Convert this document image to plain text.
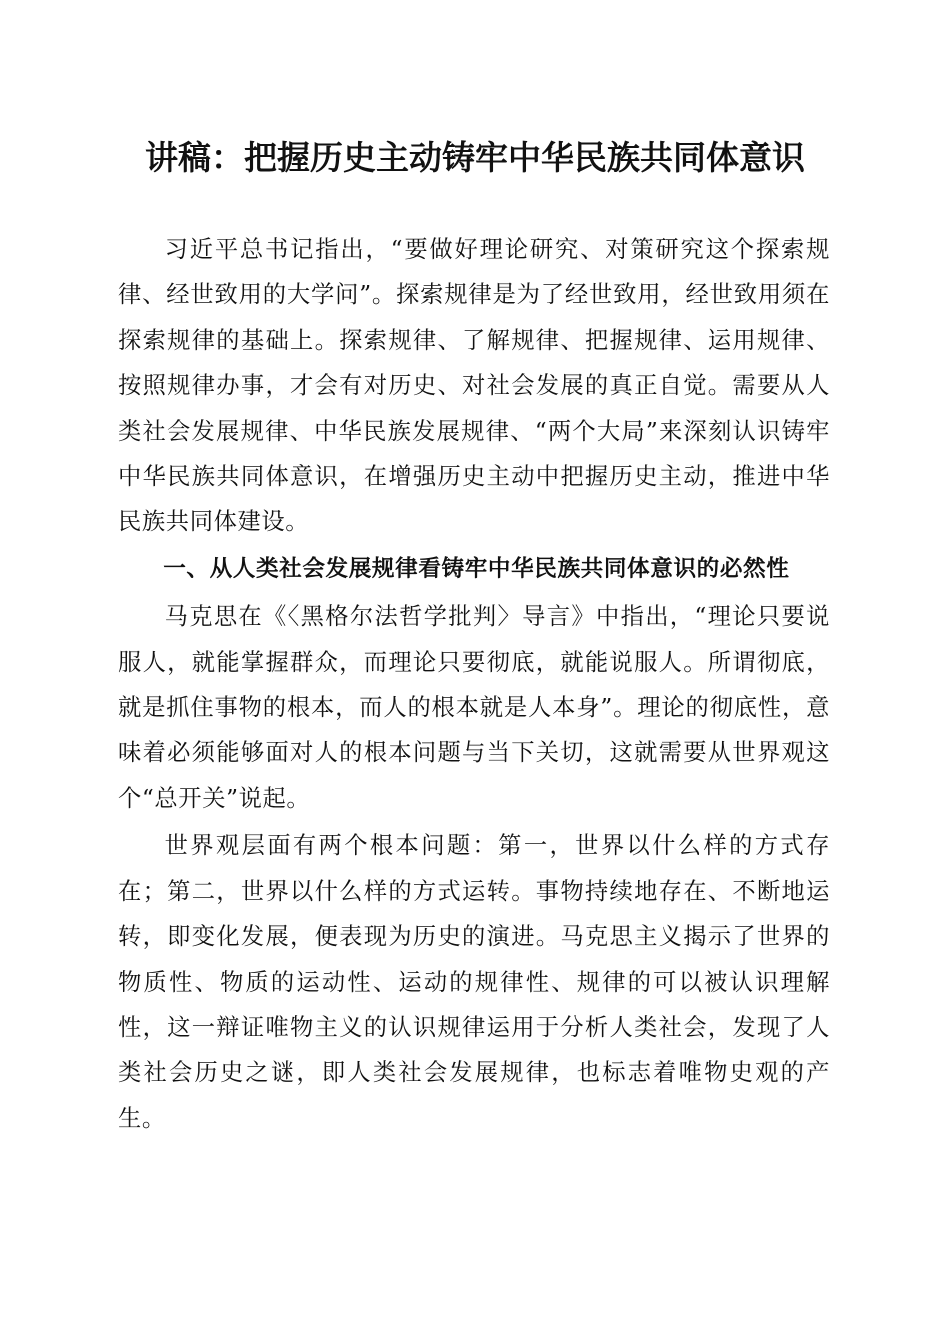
讲稿：把握历史主动铸牢中华民族共同体意识

习近平总书记指出，“要做好理论研究、对策研究这个探索规律、经世致用的大学问”。探索规律是为了经世致用，经世致用须在探索规律的基础上。探索规律、了解规律、把握规律、运用规律、按照规律办事，才会有对历史、对社会发展的真正自觉。需要从人类社会发展规律、中华民族发展规律、“两个大局”来深刻认识铸牢中华民族共同体意识，在增强历史主动中把握历史主动，推进中华民族共同体建设。

一、从人类社会发展规律看铸牢中华民族共同体意识的必然性

马克思在《〈黑格尔法哲学批判〉导言》中指出，“理论只要说服人，就能掌握群众，而理论只要彻底，就能说服人。所谓彻底，就是抓住事物的根本，而人的根本就是人本身”。理论的彻底性，意味着必须能够面对人的根本问题与当下关切，这就需要从世界观这个“总开关”说起。

世界观层面有两个根本问题：第一，世界以什么样的方式存在；第二，世界以什么样的方式运转。事物持续地存在、不断地运转，即变化发展，便表现为历史的演进。马克思主义揭示了世界的物质性、物质的运动性、运动的规律性、规律的可以被认识理解性，这一辩证唯物主义的认识规律运用于分析人类社会，发现了人类社会历史之谜，即人类社会发展规律，也标志着唯物史观的产生。
